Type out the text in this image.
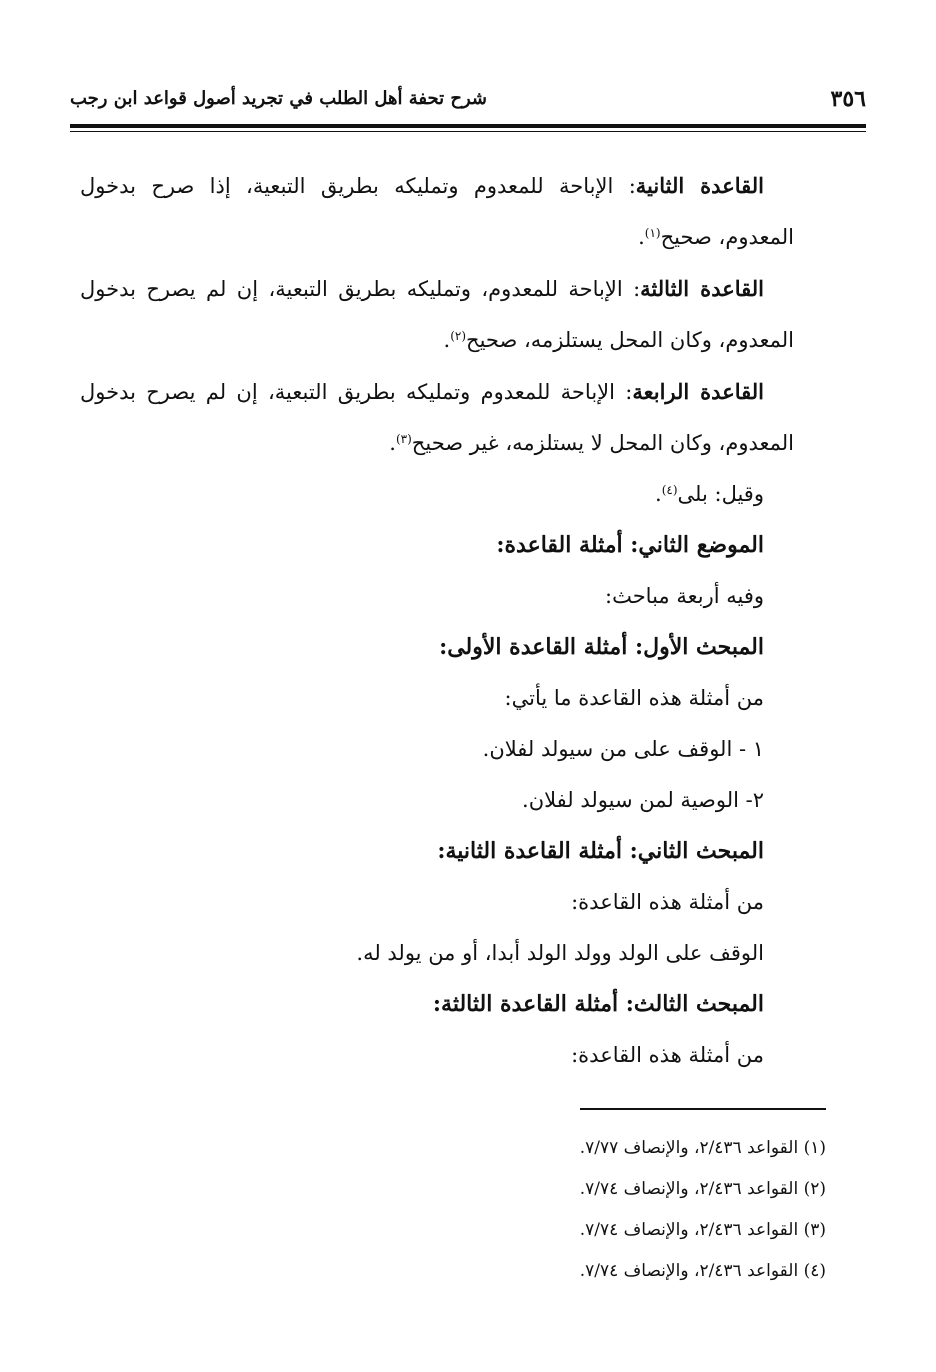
٣٥٦
شرح تحفة أهل الطلب في تجريد أصول قواعد ابن رجب

القاعدة الثانية: الإباحة للمعدوم وتمليكه بطريق التبعية، إذا صرح بدخول المعدوم، صحيح$^{(١)}$.

القاعدة الثالثة: الإباحة للمعدوم، وتمليكه بطريق التبعية، إن لم يصرح بدخول المعدوم، وكان المحل يستلزمه، صحيح$^{(٢)}$.

القاعدة الرابعة: الإباحة للمعدوم وتمليكه بطريق التبعية، إن لم يصرح بدخول المعدوم، وكان المحل لا يستلزمه، غير صحيح$^{(٣)}$.

وقيل: بلى$^{(٤)}$.

الموضع الثاني: أمثلة القاعدة:

وفيه أربعة مباحث:

المبحث الأول: أمثلة القاعدة الأولى:

من أمثلة هذه القاعدة ما يأتي:

١ - الوقف على من سيولد لفلان.

٢- الوصية لمن سيولد لفلان.

المبحث الثاني: أمثلة القاعدة الثانية:

من أمثلة هذه القاعدة:

الوقف على الولد وولد الولد أبدا، أو من يولد له.

المبحث الثالث: أمثلة القاعدة الثالثة:

من أمثلة هذه القاعدة:

(١) القواعد ٢/٤٣٦، والإنصاف ٧/٧٧.

(٢) القواعد ٢/٤٣٦، والإنصاف ٧/٧٤.

(٣) القواعد ٢/٤٣٦، والإنصاف ٧/٧٤.

(٤) القواعد ٢/٤٣٦، والإنصاف ٧/٧٤.
